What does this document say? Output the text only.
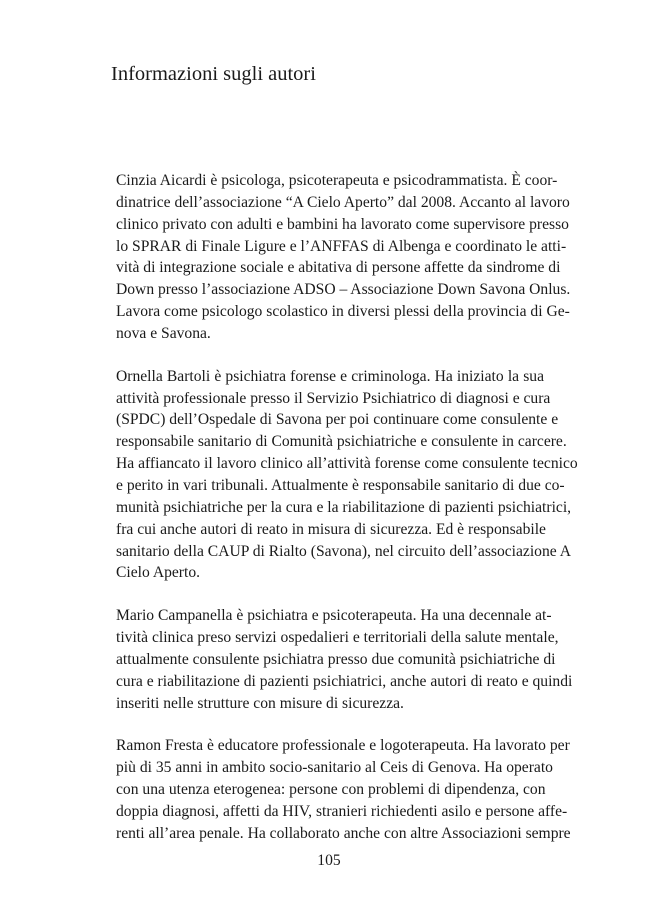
Informazioni sugli autori
Cinzia Aicardi è psicologa, psicoterapeuta e psicodrammatista. È coor-
dinatrice dell’associazione “A Cielo Aperto” dal 2008. Accanto al lavoro
clinico privato con adulti e bambini ha lavorato come supervisore presso
lo SPRAR di Finale Ligure e l’ANFFAS di Albenga e coordinato le atti-
vità di integrazione sociale e abitativa di persone affette da sindrome di
Down presso l’associazione ADSO – Associazione Down Savona Onlus.
Lavora come psicologo scolastico in diversi plessi della provincia di Ge-
nova e Savona.
Ornella Bartoli è psichiatra forense e criminologa. Ha iniziato la sua
attività professionale presso il Servizio Psichiatrico di diagnosi e cura
(SPDC) dell’Ospedale di Savona per poi continuare come consulente e
responsabile sanitario di Comunità psichiatriche e consulente in carcere.
Ha affiancato il lavoro clinico all’attività forense come consulente tecnico
e perito in vari tribunali. Attualmente è responsabile sanitario di due co-
munità psichiatriche per la cura e la riabilitazione di pazienti psichiatrici,
fra cui anche autori di reato in misura di sicurezza. Ed è responsabile
sanitario della CAUP di Rialto (Savona), nel circuito dell’associazione A
Cielo Aperto.
Mario Campanella è psichiatra e psicoterapeuta. Ha una decennale at-
tività clinica preso servizi ospedalieri e territoriali della salute mentale,
attualmente consulente psichiatra presso due comunità psichiatriche di
cura e riabilitazione di pazienti psichiatrici, anche autori di reato e quindi
inseriti nelle strutture con misure di sicurezza.
Ramon Fresta è educatore professionale e logoterapeuta. Ha lavorato per
più di 35 anni in ambito socio-sanitario al Ceis di Genova. Ha operato
con una utenza eterogenea: persone con problemi di dipendenza, con
doppia diagnosi, affetti da HIV, stranieri richiedenti asilo e persone affe-
renti all’area penale. Ha collaborato anche con altre Associazioni sempre
105
